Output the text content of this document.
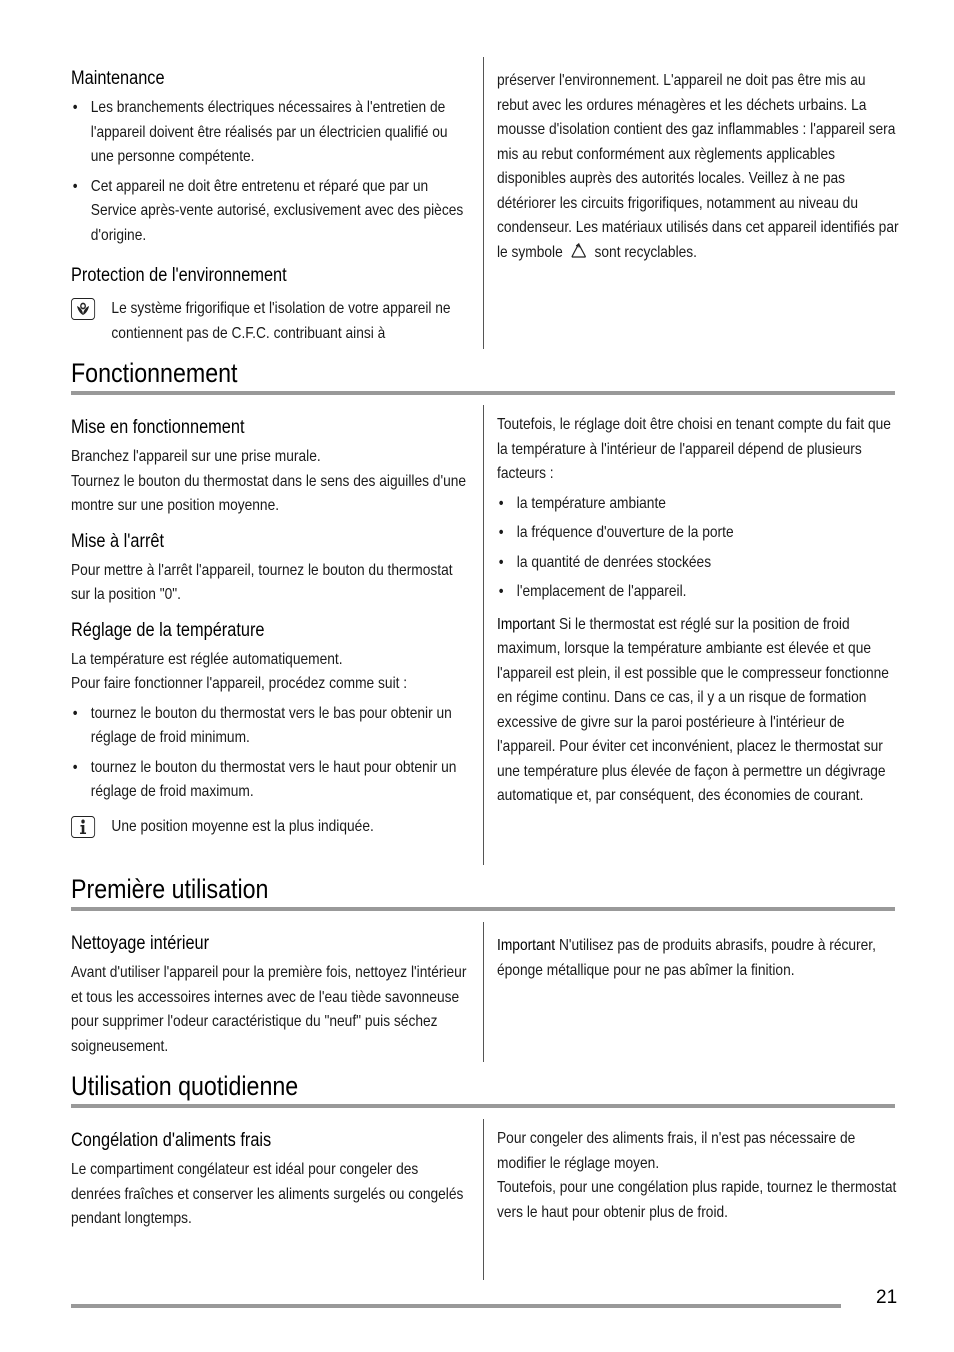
Maintenance
• Les branchements électriques nécessaires à l'entretien de l'appareil doivent être réalisés par un électricien qualifié ou une personne compétente.
• Cet appareil ne doit être entretenu et réparé que par un Service après-vente autorisé, exclusivement avec des pièces d'origine.
Protection de l'environnement
Le système frigorifique et l'isolation de votre appareil ne contiennent pas de C.F.C. contribuant ainsi à

préserver l'environnement. L'appareil ne doit pas être mis au rebut avec les ordures ménagères et les déchets urbains. La mousse d'isolation contient des gaz inflammables : l'appareil sera mis au rebut conformément aux règlements applicables disponibles auprès des autorités locales. Veillez à ne pas détériorer les circuits frigorifiques, notamment au niveau du condenseur. Les matériaux utilisés dans cet appareil identifiés par le symbole sont recyclables.

Fonctionnement
Mise en fonctionnement

Branchez l'appareil sur une prise murale.

Tournez le bouton du thermostat dans le sens des aiguilles d'une montre sur une position moyenne.

Mise à l'arrêt

Pour mettre à l'arrêt l'appareil, tournez le bouton du thermostat sur la position "0".

Réglage de la température

La température est réglée automatiquement.

Pour faire fonctionner l'appareil, procédez comme suit :

• tournez le bouton du thermostat vers le bas pour obtenir un réglage de froid minimum.
• tournez le bouton du thermostat vers le haut pour obtenir un réglage de froid maximum.
Une position moyenne est la plus indiquée.

Toutefois, le réglage doit être choisi en tenant compte du fait que la température à l'intérieur de l'appareil dépend de plusieurs facteurs :

• la température ambiante
• la fréquence d'ouverture de la porte
• la quantité de denrées stockées
• l'emplacement de l'appareil.

Important Si le thermostat est réglé sur la position de froid maximum, lorsque la température ambiante est élevée et que l'appareil est plein, il est possible que le compresseur fonctionne en régime continu. Dans ce cas, il y a un risque de formation excessive de givre sur la paroi postérieure à l'intérieur de l'appareil. Pour éviter cet inconvénient, placez le thermostat sur une température plus élevée de façon à permettre un dégivrage automatique et, par conséquent, des économies de courant.

Première utilisation
Nettoyage intérieur

Avant d'utiliser l'appareil pour la première fois, nettoyez l'intérieur et tous les accessoires internes avec de l'eau tiède savonneuse pour supprimer l'odeur caractéristique du "neuf" puis séchez soigneusement.

Important N'utilisez pas de produits abrasifs, poudre à récurer, éponge métallique pour ne pas abîmer la finition.

Utilisation quotidienne
Congélation d'aliments frais

Le compartiment congélateur est idéal pour congeler des denrées fraîches et conserver les aliments surgelés ou congelés pendant longtemps.

Pour congeler des aliments frais, il n'est pas nécessaire de modifier le réglage moyen.

Toutefois, pour une congélation plus rapide, tournez le thermostat vers le haut pour obtenir plus de froid.

21
